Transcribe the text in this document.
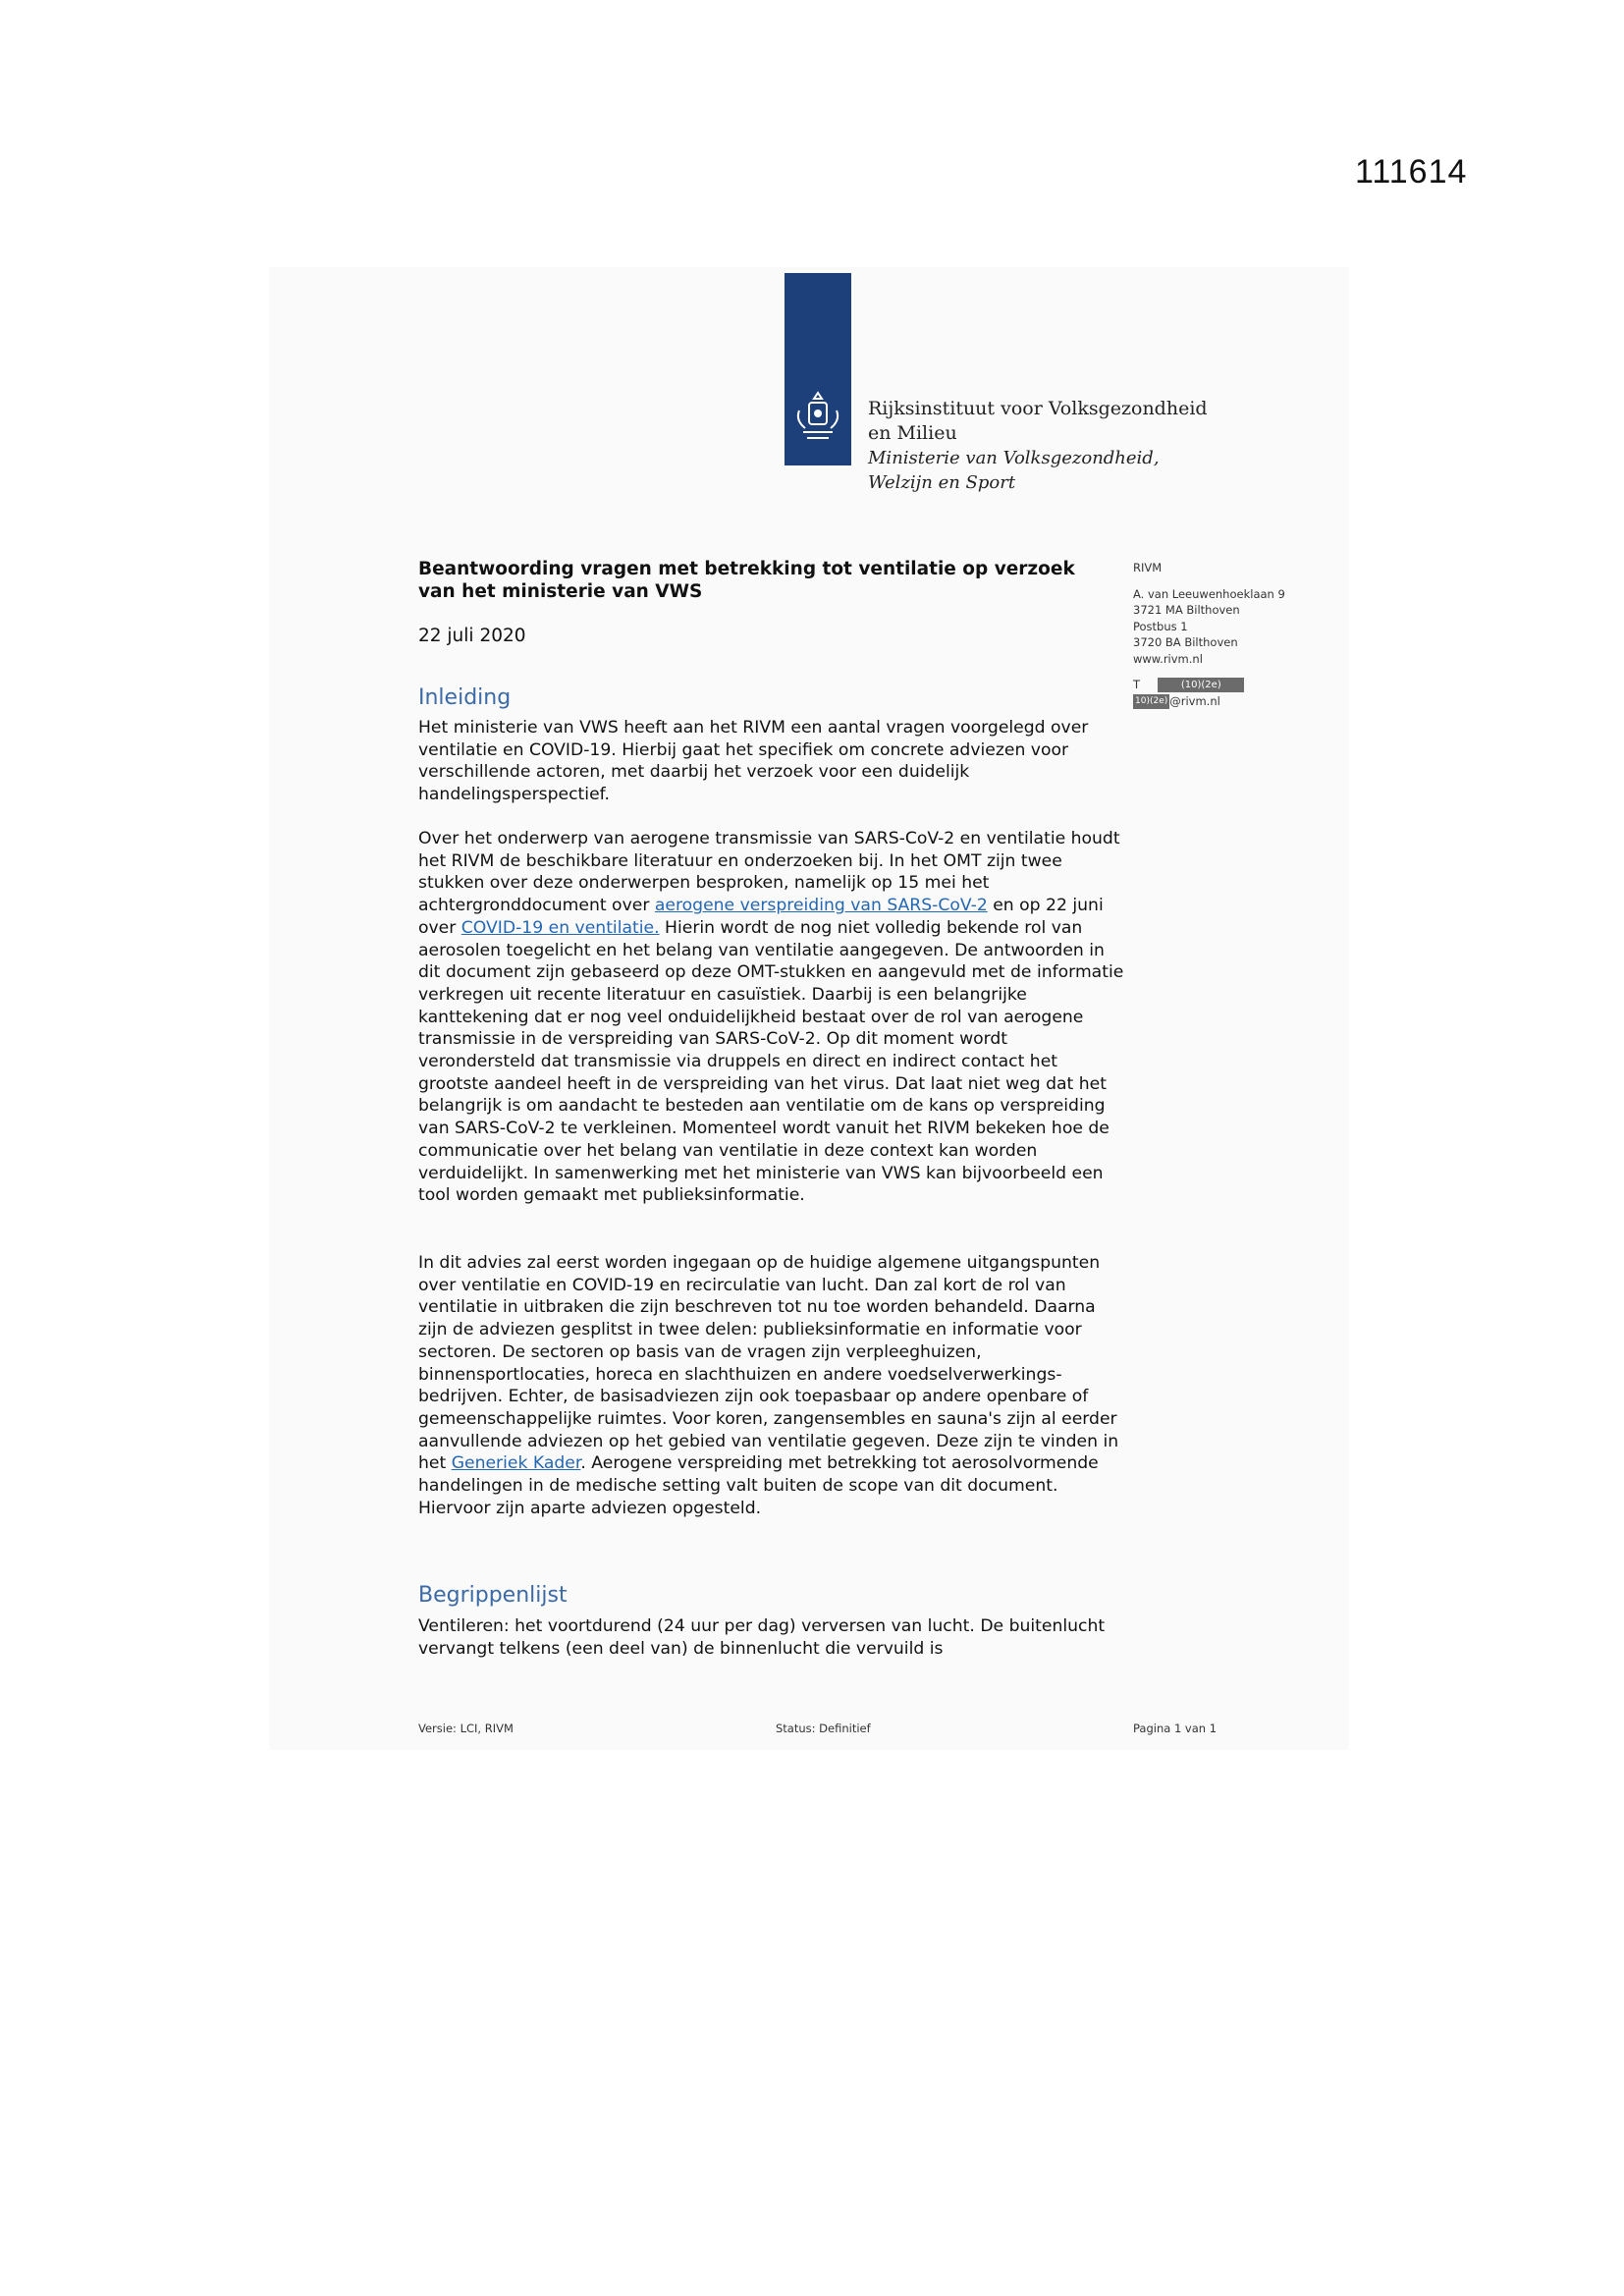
111614
Rijksinstituut voor Volksgezondheid
en Milieu
Ministerie van Volksgezondheid,
Welzijn en Sport
Beantwoording vragen met betrekking tot ventilatie op verzoek van het ministerie van VWS
22 juli 2020
RIVM
A. van Leeuwenhoeklaan 9
3721 MA Bilthoven
Postbus 1
3720 BA Bilthoven
www.rivm.nl
T	(10)(2e)
10)(2e) @rivm.nl
Inleiding

Het ministerie van VWS heeft aan het RIVM een aantal vragen voorgelegd over ventilatie en COVID-19. Hierbij gaat het specifiek om concrete adviezen voor verschillende actoren, met daarbij het verzoek voor een duidelijk handelingsperspectief.

Over het onderwerp van aerogene transmissie van SARS-CoV-2 en ventilatie houdt het RIVM de beschikbare literatuur en onderzoeken bij. In het OMT zijn twee stukken over deze onderwerpen besproken, namelijk op 15 mei het achtergronddocument over aerogene verspreiding van SARS-CoV-2 en op 22 juni over COVID-19 en ventilatie. Hierin wordt de nog niet volledig bekende rol van aerosolen toegelicht en het belang van ventilatie aangegeven. De antwoorden in dit document zijn gebaseerd op deze OMT-stukken en aangevuld met de informatie verkregen uit recente literatuur en casuïstiek. Daarbij is een belangrijke kanttekening dat er nog veel onduidelijkheid bestaat over de rol van aerogene transmissie in de verspreiding van SARS-CoV-2. Op dit moment wordt verondersteld dat transmissie via druppels en direct en indirect contact het grootste aandeel heeft in de verspreiding van het virus. Dat laat niet weg dat het belangrijk is om aandacht te besteden aan ventilatie om de kans op verspreiding van SARS-CoV-2 te verkleinen. Momenteel wordt vanuit het RIVM bekeken hoe de communicatie over het belang van ventilatie in deze context kan worden verduidelijkt. In samenwerking met het ministerie van VWS kan bijvoorbeeld een tool worden gemaakt met publieksinformatie.

In dit advies zal eerst worden ingegaan op de huidige algemene uitgangspunten over ventilatie en COVID-19 en recirculatie van lucht. Dan zal kort de rol van ventilatie in uitbraken die zijn beschreven tot nu toe worden behandeld. Daarna zijn de adviezen gesplitst in twee delen: publieksinformatie en informatie voor sectoren. De sectoren op basis van de vragen zijn verpleeghuizen, binnensportlocaties, horeca en slachthuizen en andere voedselverwerkings-bedrijven. Echter, de basisadviezen zijn ook toepasbaar op andere openbare of gemeenschappelijke ruimtes. Voor koren, zangensembles en sauna's zijn al eerder aanvullende adviezen op het gebied van ventilatie gegeven. Deze zijn te vinden in het Generiek Kader. Aerogene verspreiding met betrekking tot aerosolvormende handelingen in de medische setting valt buiten de scope van dit document. Hiervoor zijn aparte adviezen opgesteld.

Begrippenlijst

Ventileren: het voortdurend (24 uur per dag) verversen van lucht. De buitenlucht vervangt telkens (een deel van) de binnenlucht die vervuild is

Versie: LCI, RIVM	Status: Definitief	Pagina 1 van 1
